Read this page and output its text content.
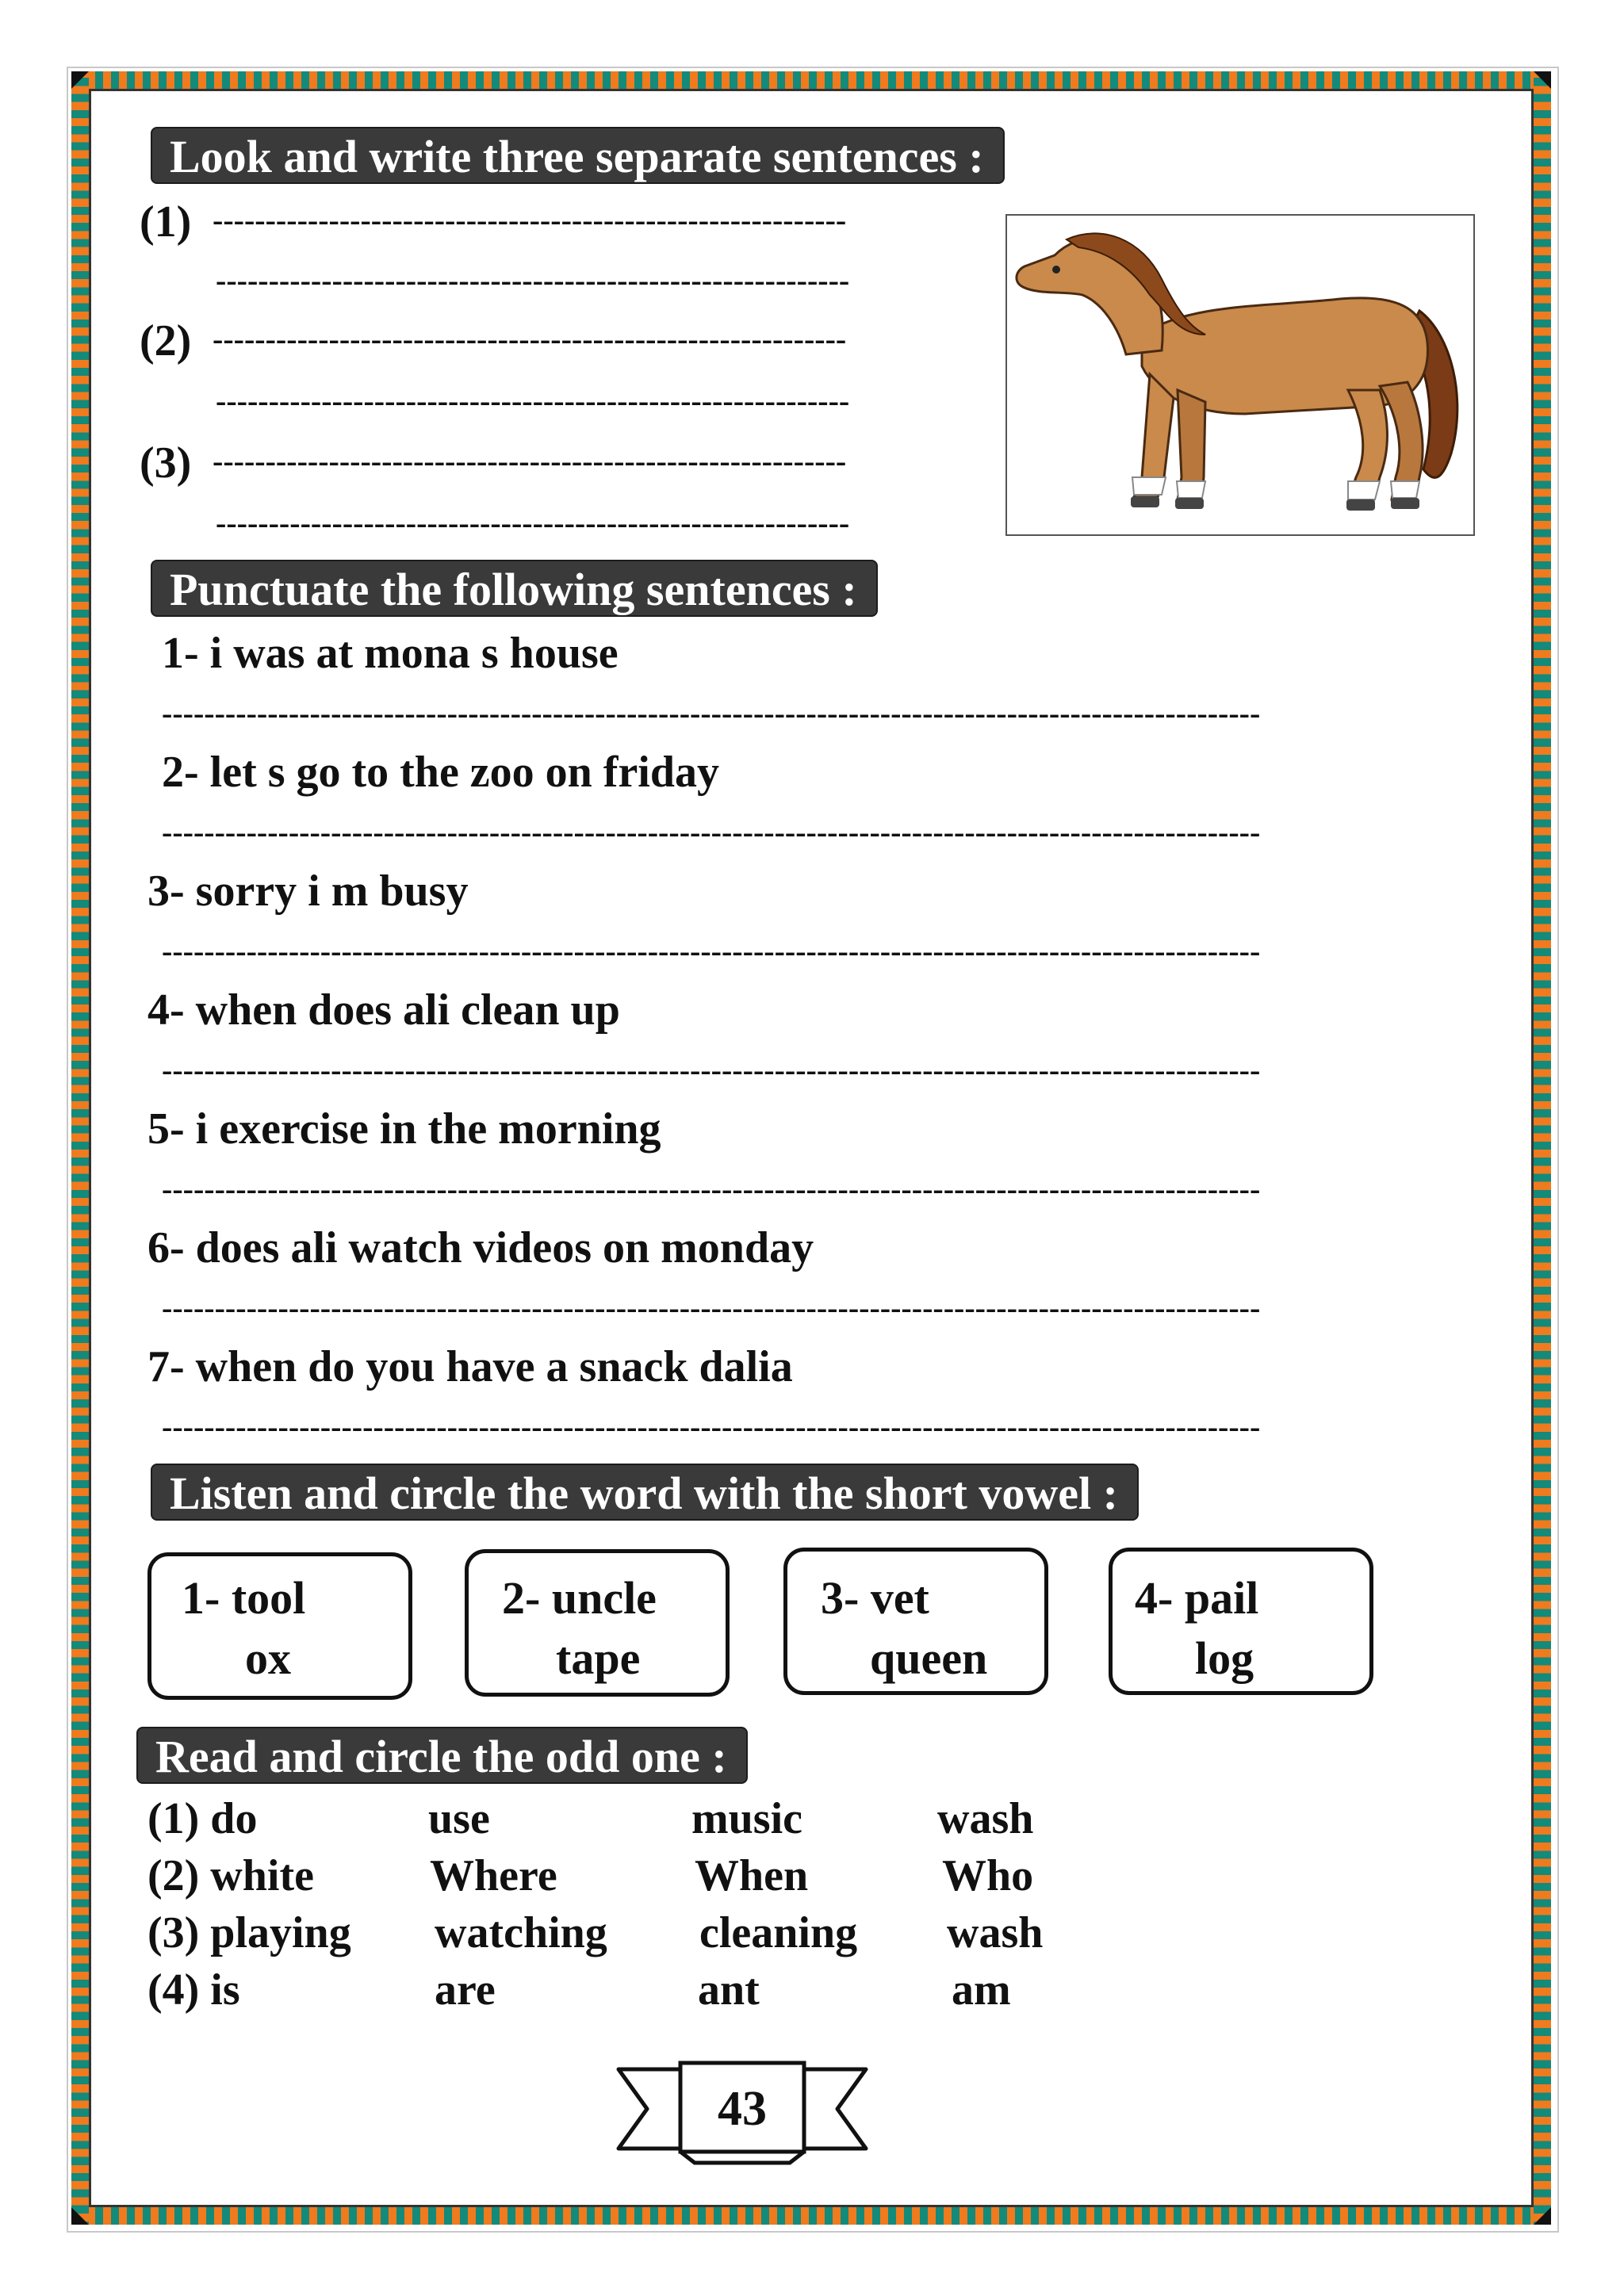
Look and write three separate sentences :
(1) ------------------------------------------------------------
------------------------------------------------------------
(2) ------------------------------------------------------------
------------------------------------------------------------
(3) ------------------------------------------------------------
------------------------------------------------------------
Punctuate the following sentences :
1- i was at mona s house
--------------------------------------------------------------------------------------------------------
2- let s go to the zoo on friday
--------------------------------------------------------------------------------------------------------
3- sorry i m busy
--------------------------------------------------------------------------------------------------------
4- when does ali clean up
--------------------------------------------------------------------------------------------------------
5- i exercise in the morning
--------------------------------------------------------------------------------------------------------
6- does ali watch videos on monday
--------------------------------------------------------------------------------------------------------
7- when do you have a snack dalia
--------------------------------------------------------------------------------------------------------
Listen and circle the word with the short vowel :
1- tool
ox
2- uncle
tape
3- vet
queen
4- pail
log
Read and circle the odd one :
(1) do	use	music	wash
(2) white	Where	When	Who
(3) playing watching cleaning wash
(4) is	are	ant	am
43
